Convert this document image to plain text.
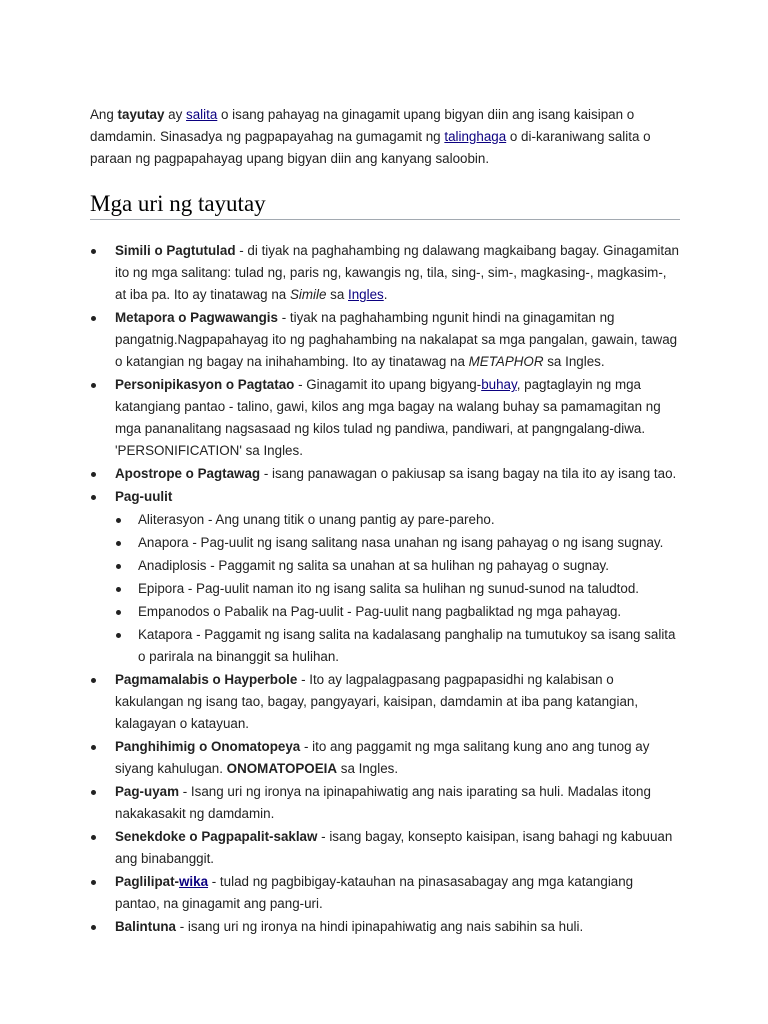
Ang tayutay ay salita o isang pahayag na ginagamit upang bigyan diin ang isang kaisipan o damdamin. Sinasadya ng pagpapayahag na gumagamit ng talinghaga o di-karaniwang salita o paraan ng pagpapahayag upang bigyan diin ang kanyang saloobin.

Mga uri ng tayutay
Simili o Pagtutulad - di tiyak na paghahambing ng dalawang magkaibang bagay. Ginagamitan ito ng mga salitang: tulad ng, paris ng, kawangis ng, tila, sing-, sim-, magkasing-, magkasim-, at iba pa. Ito ay tinatawag na Simile sa Ingles.
Metapora o Pagwawangis - tiyak na paghahambing ngunit hindi na ginagamitan ng pangatnig.Nagpapahayag ito ng paghahambing na nakalapat sa mga pangalan, gawain, tawag o katangian ng bagay na inihahambing. Ito ay tinatawag na METAPHOR sa Ingles.
Personipikasyon o Pagtatao - Ginagamit ito upang bigyang-buhay, pagtaglayin ng mga katangiang pantao - talino, gawi, kilos ang mga bagay na walang buhay sa pamamagitan ng mga pananalitang nagsasaad ng kilos tulad ng pandiwa, pandiwari, at pangngalang-diwa. 'PERSONIFICATION' sa Ingles.
Apostrope o Pagtawag - isang panawagan o pakiusap sa isang bagay na tila ito ay isang tao.
Pag-uulit
Aliterasyon - Ang unang titik o unang pantig ay pare-pareho.
Anapora - Pag-uulit ng isang salitang nasa unahan ng isang pahayag o ng isang sugnay.
Anadiplosis - Paggamit ng salita sa unahan at sa hulihan ng pahayag o sugnay.
Epipora - Pag-uulit naman ito ng isang salita sa hulihan ng sunud-sunod na taludtod.
Empanodos o Pabalik na Pag-uulit - Pag-uulit nang pagbaliktad ng mga pahayag.
Katapora - Paggamit ng isang salita na kadalasang panghalip na tumutukoy sa isang salita o parirala na binanggit sa hulihan.
Pagmamalabis o Hayperbole - Ito ay lagpalagpasang pagpapasidhi ng kalabisan o kakulangan ng isang tao, bagay, pangyayari, kaisipan, damdamin at iba pang katangian, kalagayan o katayuan.
Panghihimig o Onomatopeya - ito ang paggamit ng mga salitang kung ano ang tunog ay siyang kahulugan. ONOMATOPOEIA sa Ingles.
Pag-uyam - Isang uri ng ironya na ipinapahiwatig ang nais iparating sa huli. Madalas itong nakakasakit ng damdamin.
Senekdoke o Pagpapalit-saklaw - isang bagay, konsepto kaisipan, isang bahagi ng kabuuan ang binabanggit.
Paglilipat-wika - tulad ng pagbibigay-katauhan na pinasasabagay ang mga katangiang pantao, na ginagamit ang pang-uri.
Balintuna - isang uri ng ironya na hindi ipinapahiwatig ang nais sabihin sa huli.
